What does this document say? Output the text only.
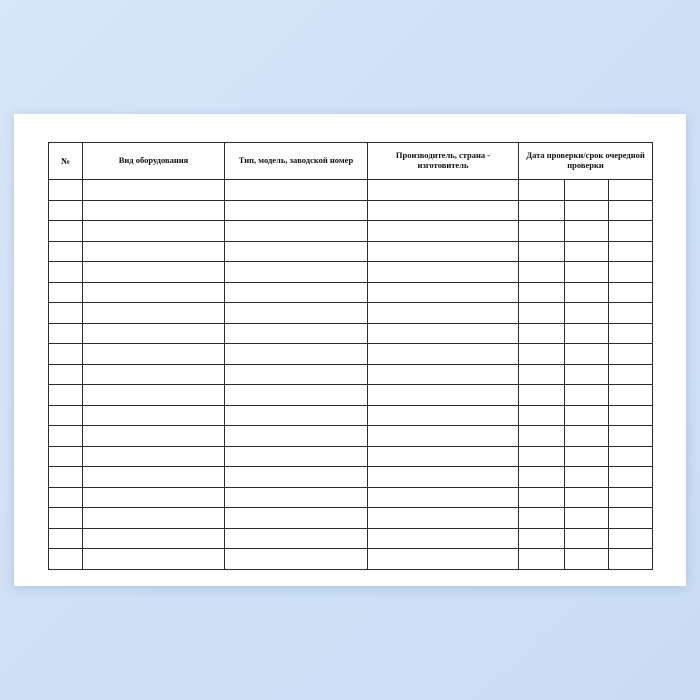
№	Вид оборудования	Тип, модель, заводской номер	Производитель, страна - изготовитель	Дата проверки/срок очередной проверки		
